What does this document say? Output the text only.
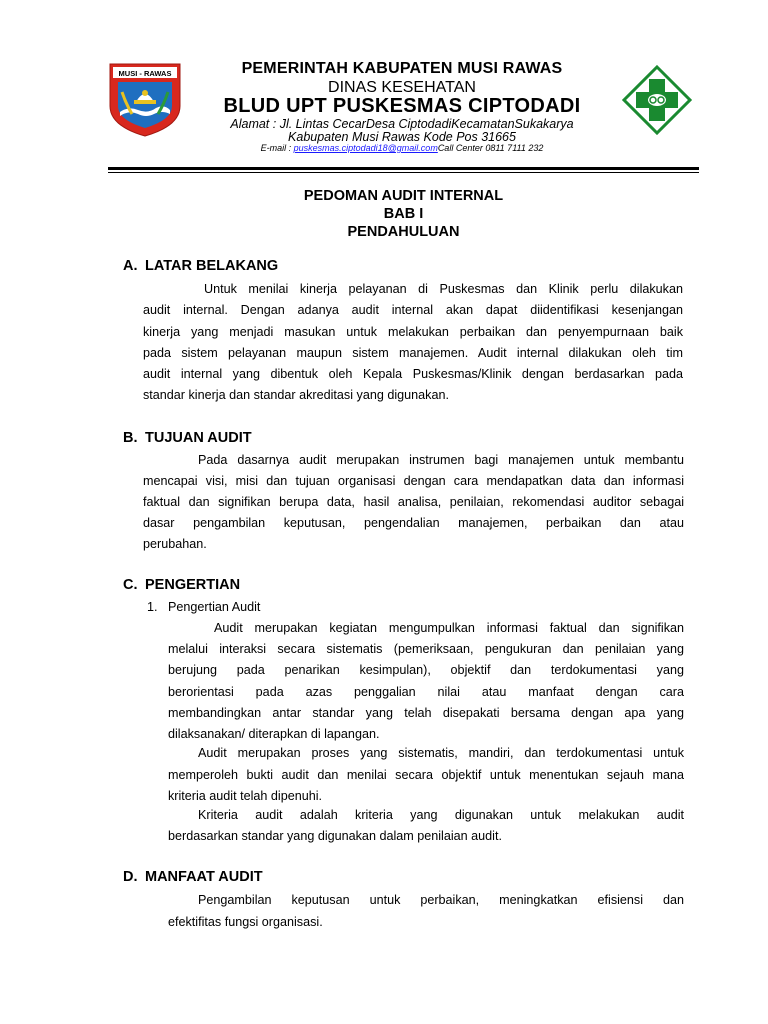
MUSI - RAWAS	PEMERINTAH KABUPATEN MUSI RAWAS
DINAS KESEHATAN
BLUD UPT PUSKESMAS CIPTODADI
Alamat : Jl. Lintas CecarDesa CiptodadiKecamatanSukakarya
Kabupaten Musi Rawas Kode Pos 31665
E-mail : puskesmas.ciptodadi18@gmail.comCall Center 0811 7111 232
PEDOMAN AUDIT INTERNAL
BAB I
PENDAHULUAN
A. LATAR BELAKANG
Untuk menilai kinerja pelayanan di Puskesmas dan Klinik perlu dilakukan
audit internal. Dengan adanya audit internal akan dapat diidentifikasi kesenjangan
kinerja yang menjadi masukan untuk melakukan perbaikan dan penyempurnaan baik
pada sistem pelayanan maupun sistem manajemen. Audit internal dilakukan oleh tim
audit internal yang dibentuk oleh Kepala Puskesmas/Klinik dengan berdasarkan pada
standar kinerja dan standar akreditasi yang digunakan.
B. TUJUAN AUDIT
Pada dasarnya audit merupakan instrumen bagi manajemen untuk membantu
mencapai visi, misi dan tujuan organisasi dengan cara mendapatkan data dan informasi
faktual dan signifikan berupa data, hasil analisa, penilaian, rekomendasi auditor sebagai
dasar pengambilan keputusan, pengendalian manajemen, perbaikan dan atau
perubahan.
C. PENGERTIAN
1. Pengertian Audit
Audit merupakan kegiatan mengumpulkan informasi faktual dan signifikan
melalui interaksi secara sistematis (pemeriksaan, pengukuran dan penilaian yang
berujung pada penarikan kesimpulan), objektif dan terdokumentasi yang
berorientasi pada azas penggalian nilai atau manfaat dengan cara
membandingkan antar standar yang telah disepakati bersama dengan apa yang
dilaksanakan/ diterapkan di lapangan.
Audit merupakan proses yang sistematis, mandiri, dan terdokumentasi untuk
memperoleh bukti audit dan menilai secara objektif untuk menentukan sejauh mana
kriteria audit telah dipenuhi.
Kriteria audit adalah kriteria yang digunakan untuk melakukan audit
berdasarkan standar yang digunakan dalam penilaian audit.
D. MANFAAT AUDIT
Pengambilan keputusan untuk perbaikan, meningkatkan efisiensi dan
efektifitas fungsi organisasi.
